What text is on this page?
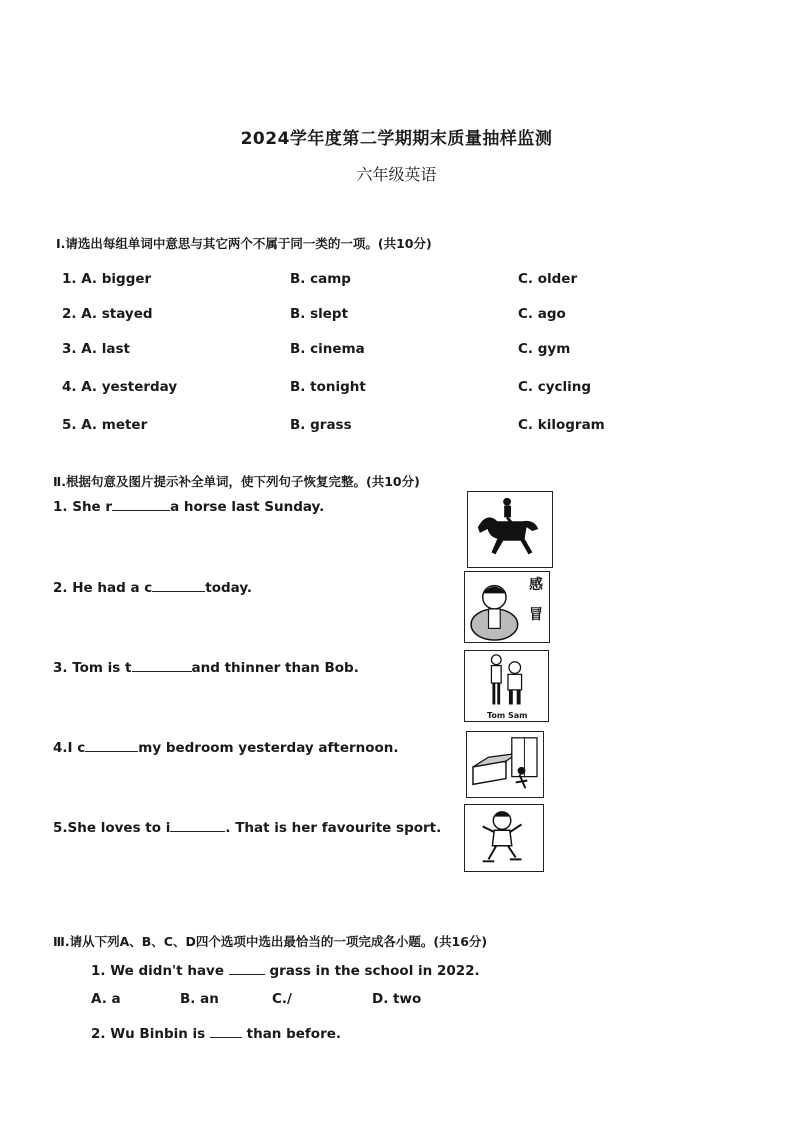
2024学年度第二学期期末质量抽样监测
六年级英语
Ⅰ.请选出每组单词中意思与其它两个不属于同一类的一项。(共10分)
1. A. bigger	B. camp	C. older
2. A. stayed	B. slept	C. ago
3. A. last	B. cinema	C. gym
4. A. yesterday	B. tonight	C. cycling
5. A. meter	B. grass	C. kilogram
Ⅱ.根据句意及图片提示补全单词，使下列句子恢复完整。(共10分)
1. She r	a horse last Sunday.
2. He had a c	today.
3. Tom is t	and thinner than Bob.
4.I c	my bedroom yesterday afternoon.
5.She loves to i	. That is her favourite sport.
感
冒
Tom Sam
Ⅲ.请从下列A、B、C、D四个选项中选出最恰当的一项完成各小题。(共16分)
1. We didn't have	grass in the school in 2022.
A. a	B. an	C./	D. two
2. Wu Binbin is	than before.
